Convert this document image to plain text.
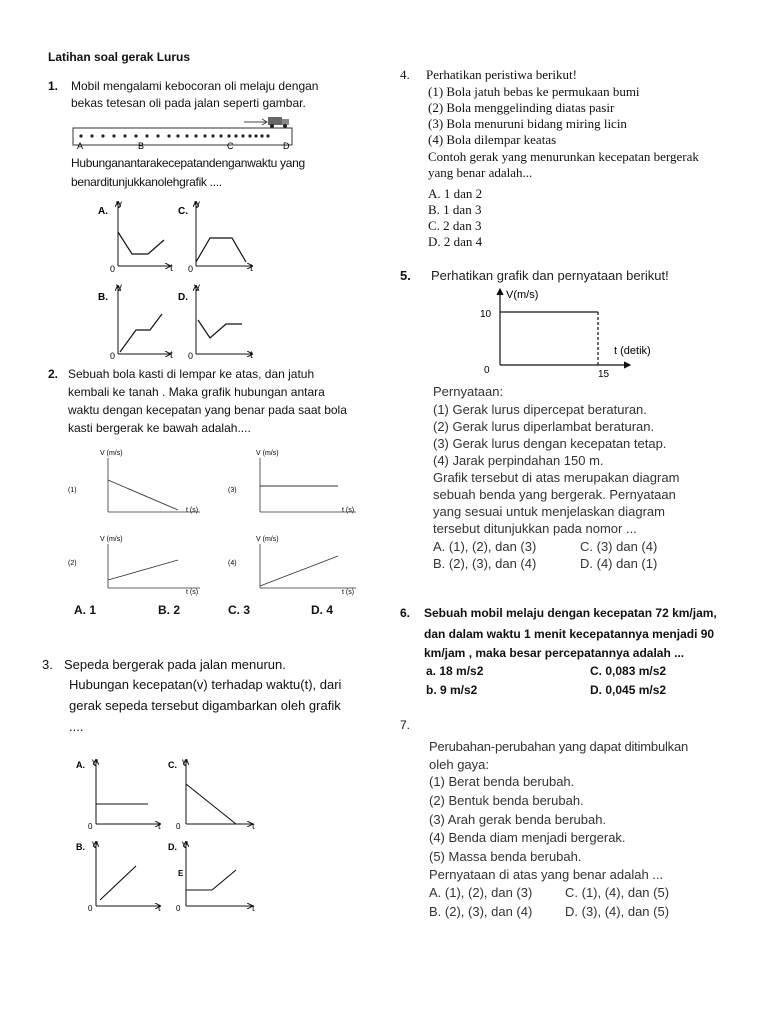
Latihan soal gerak Lurus
1. Mobil mengalami kebocoran oli melaju dengan
bekas tetesan oli pada jalan seperti gambar.
A	B	C	D
Hubunganantarakecepatandenganwaktu yang
benarditunjukkanolehgrafik ....
A.
V
0	t
C.
V
0	t
B.
V
0	t
D.
V
0	t
2. Sebuah bola kasti di lempar ke atas, dan jatuh
kembali ke tanah . Maka grafik hubungan antara
waktu dengan kecepatan yang benar pada saat bola
kasti bergerak ke bawah adalah....
V (m/s)
(1)
t (s)
V (m/s)
(3)
t (s)
V (m/s)
(2)
t (s)
V (m/s)
(4)
t (s)
A. 1	B. 2	C. 3	D. 4
3. Sepeda bergerak pada jalan menurun.
Hubungan kecepatan(v) terhadap waktu(t), dari
gerak sepeda tersebut digambarkan oleh grafik
....
A. V
0	t
C. V
0	t
B. V
0	t
D. V
E
0	t
4. Perhatikan peristiwa berikut!
(1) Bola jatuh bebas ke permukaan bumi
(2) Bola menggelinding diatas pasir
(3) Bola menuruni bidang miring licin
(4) Bola dilempar keatas
Contoh gerak yang menurunkan kecepatan bergerak
yang benar adalah...
A. 1 dan 2
B. 1 dan 3
C. 2 dan 3
D. 2 dan 4
5. Perhatikan grafik dan pernyataan berikut!
V(m/s)
t (detik)
10
15
0
Pernyataan:
(1) Gerak lurus dipercepat beraturan.
(2) Gerak lurus diperlambat beraturan.
(3) Gerak lurus dengan kecepatan tetap.
(4) Jarak perpindahan 150 m.
Grafik tersebut di atas merupakan diagram
sebuah benda yang bergerak. Pernyataan
yang sesuai untuk menjelaskan diagram
tersebut ditunjukkan pada nomor ...
A. (1), (2), dan (3)	C. (3) dan (4)
B. (2), (3), dan (4)	D. (4) dan (1)
6. Sebuah mobil melaju dengan kecepatan 72 km/jam,
dan dalam waktu 1 menit kecepatannya menjadi 90
km/jam , maka besar percepatannya adalah ...
a. 18 m/s2	C. 0,083 m/s2
b. 9 m/s2	D. 0,045 m/s2
7.
Perubahan-perubahan yang dapat ditimbulkan
oleh gaya:
(1) Berat benda berubah.
(2) Bentuk benda berubah.
(3) Arah gerak benda berubah.
(4) Benda diam menjadi bergerak.
(5) Massa benda berubah.
Pernyataan di atas yang benar adalah ...
A. (1), (2), dan (3)	C. (1), (4), dan (5)
B. (2), (3), dan (4)	D. (3), (4), dan (5)
